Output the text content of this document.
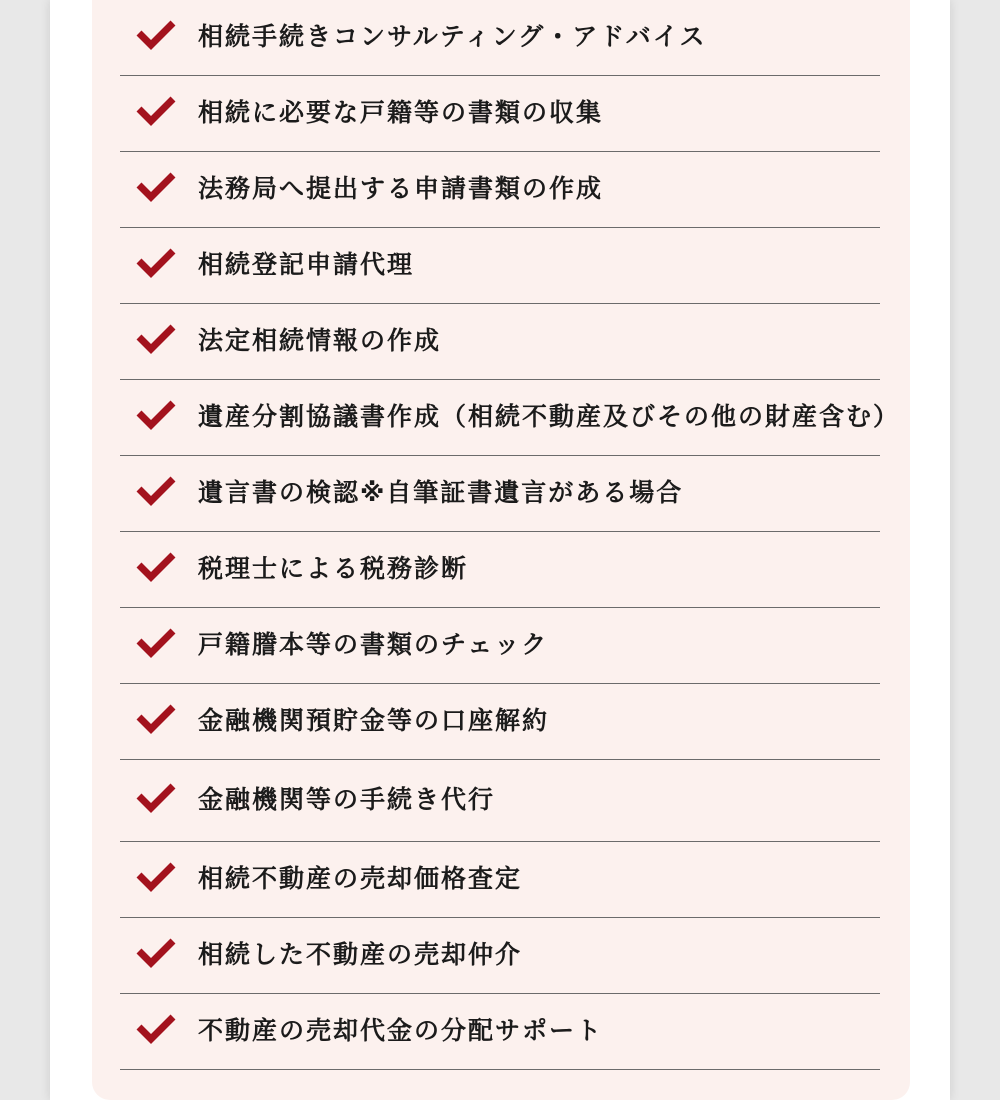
相続手続きコンサルティング・アドバイス
相続に必要な戸籍等の書類の収集
法務局へ提出する申請書類の作成
相続登記申請代理
法定相続情報の作成
遺産分割協議書作成（相続不動産及びその他の財産含む）
遺言書の検認※自筆証書遺言がある場合
税理士による税務診断
戸籍謄本等の書類のチェック
金融機関預貯金等の口座解約
金融機関等の手続き代行
相続不動産の売却価格査定
相続した不動産の売却仲介
不動産の売却代金の分配サポート
